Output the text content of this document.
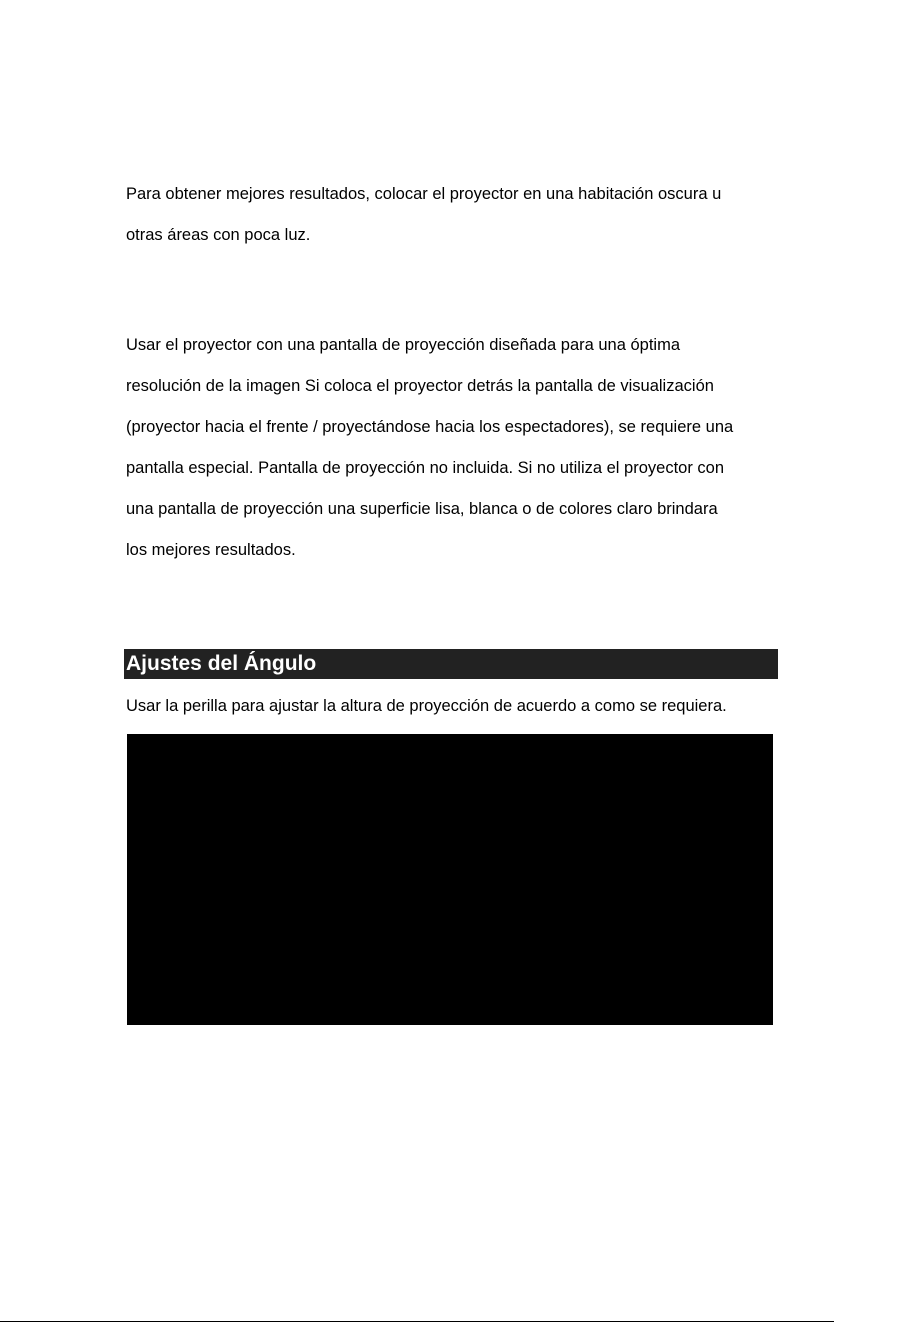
Para obtener mejores resultados, colocar el proyector en una habitación oscura u
otras áreas con poca luz.
Usar el proyector con una pantalla de proyección diseñada para una óptima
resolución de la imagen Si coloca el proyector detrás la pantalla de visualización
(proyector hacia el frente / proyectándose hacia los espectadores), se requiere una
pantalla especial. Pantalla de proyección no incluida. Si no utiliza el proyector con
una pantalla de proyección una superficie lisa, blanca o de colores claro brindara
los mejores resultados.
Ajustes del Ángulo

Usar la perilla para ajustar la altura de proyección de acuerdo a como se requiera.
